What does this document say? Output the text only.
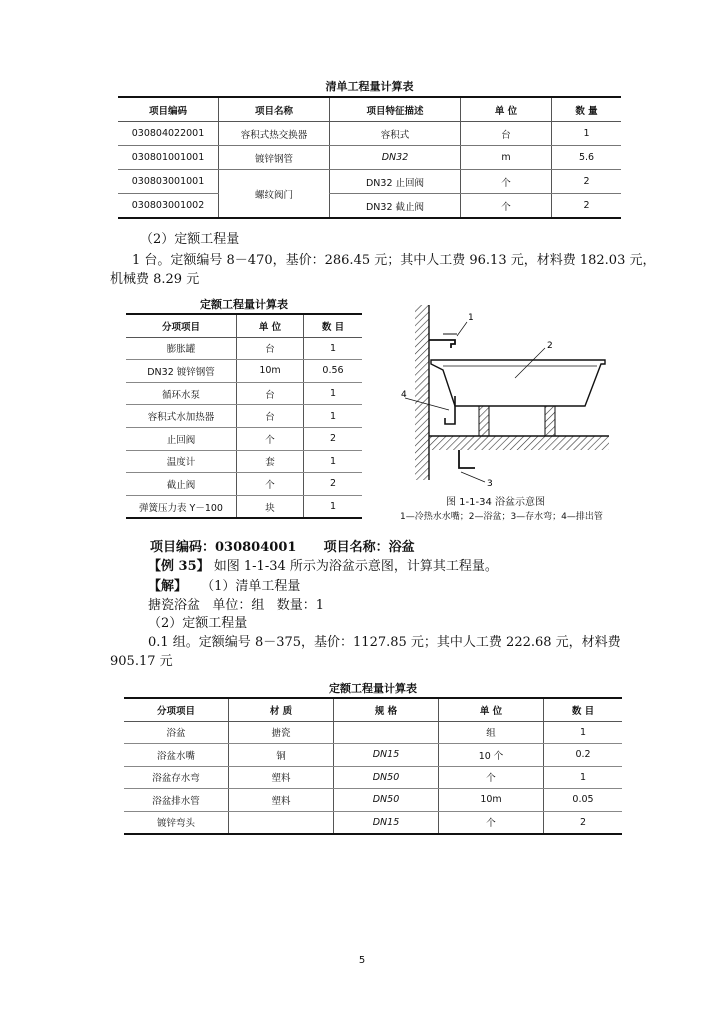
清单工程量计算表
项目编码	项目名称	项目特征描述	单 位	数 量
030804022001	容积式热交换器	容积式	台	1
030801001001	镀锌钢管	DN32	m	5.6
030803001001	螺纹阀门	DN32 止回阀	个	2
030803001002		DN32 截止阀	个	2
（2）定额工程量
1 台。定额编号 8－470，基价：286.45 元；其中人工费 96.13 元，材料费 182.03 元，
机械费 8.29 元
定额工程量计算表
分项项目	单 位	数 目
膨胀罐	台	1
DN32 镀锌钢管	10m	0.56
循环水泵	台	1
容积式水加热器	台	1
止回阀	个	2
温度计	套	1
截止阀	个	2
弹簧压力表 Y－100	块	1
1
2
3
4
图 1-1-34 浴盆示意图
1—冷热水水嘴；2—浴盆；3—存水弯；4—排出管
项目编码：030804001      项目名称：浴盆
【例 35】 如图 1-1-34 所示为浴盆示意图，计算其工程量。
【解】 （1）清单工程量
搪瓷浴盆   单位：组   数量：1
（2）定额工程量
0.1 组。定额编号 8－375，基价：1127.85 元；其中人工费 222.68 元，材料费
905.17 元
定额工程量计算表
分项项目	材 质	规 格	单 位	数 目
浴盆	搪瓷		组	1
浴盆水嘴	铜	DN15	10 个	0.2
浴盆存水弯	塑料	DN50	个	1
浴盆排水管	塑料	DN50	10m	0.05
镀锌弯头		DN15	个	2
5
